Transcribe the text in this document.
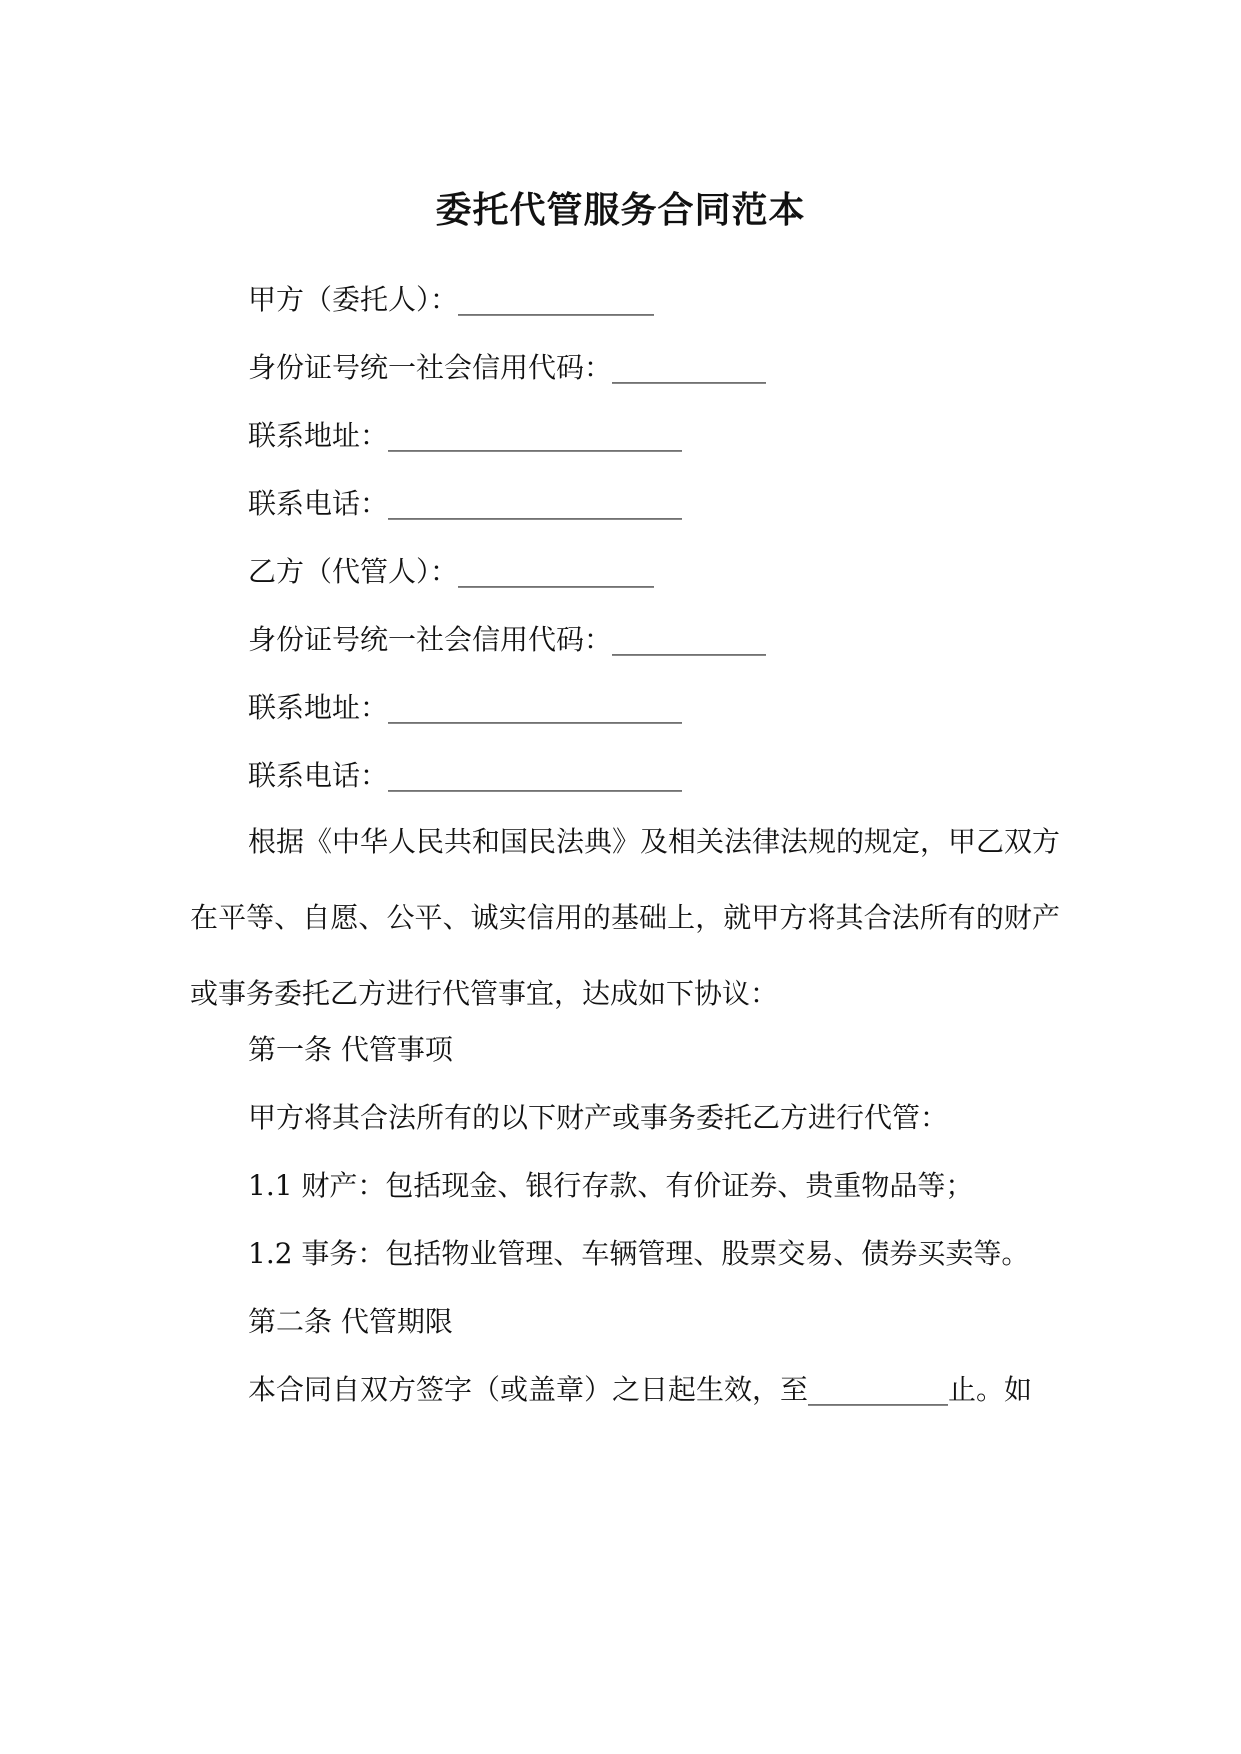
委托代管服务合同范本

甲方（委托人）：______________

身份证号统一社会信用代码：___________

联系地址：_____________________

联系电话：_____________________

乙方（代管人）：______________

身份证号统一社会信用代码：___________

联系地址：_____________________

联系电话：_____________________

根据《中华人民共和国民法典》及相关法律法规的规定，甲乙双方在平等、自愿、公平、诚实信用的基础上，就甲方将其合法所有的财产或事务委托乙方进行代管事宜，达成如下协议：

第一条 代管事项

甲方将其合法所有的以下财产或事务委托乙方进行代管：

1.1 财产：包括现金、银行存款、有价证券、贵重物品等；

1.2 事务：包括物业管理、车辆管理、股票交易、债券买卖等。

第二条 代管期限

本合同自双方签字（或盖章）之日起生效，至__________止。如
